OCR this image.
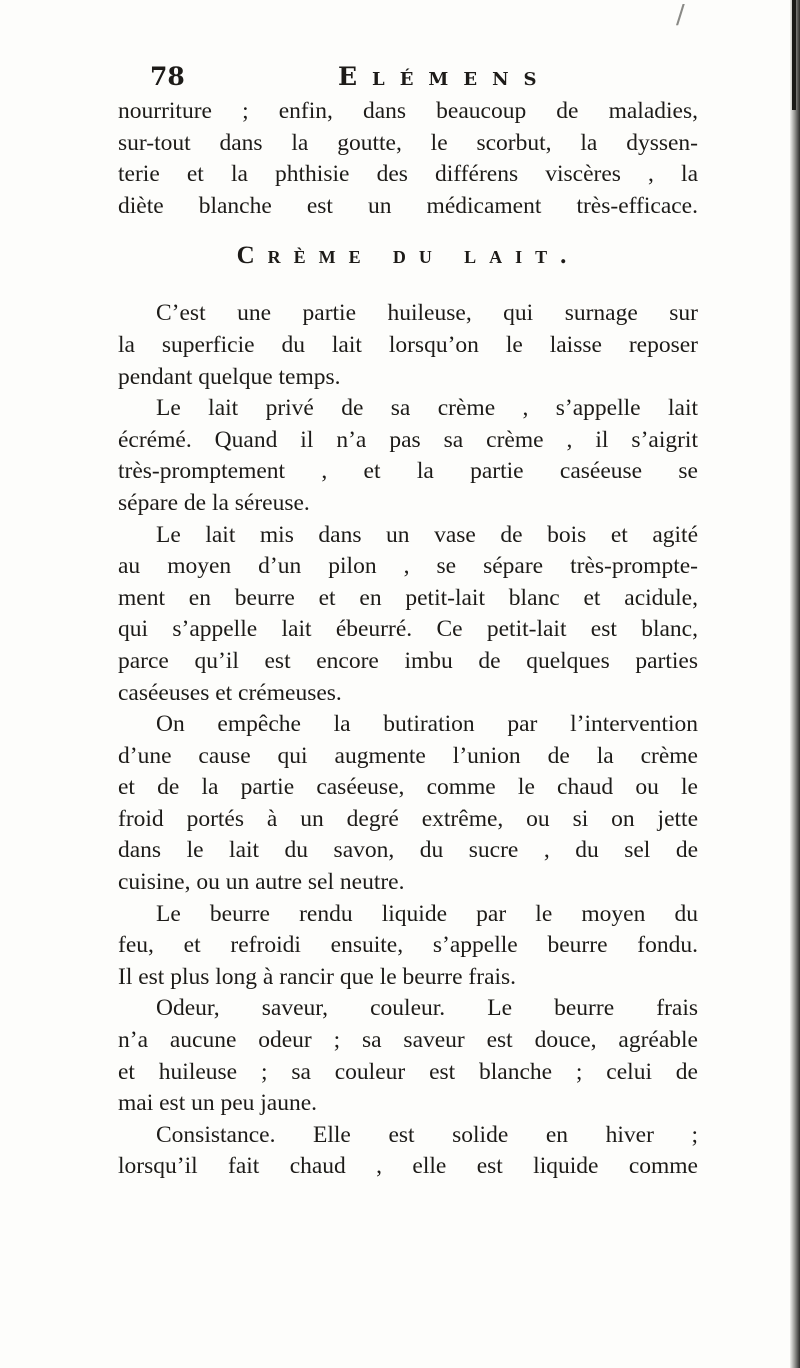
/
78	Elémens
nourriture ; enfin, dans beaucoup de maladies,
sur-tout dans la goutte, le scorbut, la dyssen-
terie et la phthisie des différens viscères , la
diète blanche est un médicament très-efficace.
Crème du lait.
C’est une partie huileuse, qui surnage sur
la superficie du lait lorsqu’on le laisse reposer
pendant quelque temps.
Le lait privé de sa crème , s’appelle lait
écrémé. Quand il n’a pas sa crème , il s’aigrit
très-promptement , et la partie caséeuse se
sépare de la séreuse.
Le lait mis dans un vase de bois et agité
au moyen d’un pilon , se sépare très-prompte-
ment en beurre et en petit-lait blanc et acidule,
qui s’appelle lait ébeurré. Ce petit-lait est blanc,
parce qu’il est encore imbu de quelques parties
caséeuses et crémeuses.
On empêche la butiration par l’intervention
d’une cause qui augmente l’union de la crème
et de la partie caséeuse, comme le chaud ou le
froid portés à un degré extrême, ou si on jette
dans le lait du savon, du sucre , du sel de
cuisine, ou un autre sel neutre.
Le beurre rendu liquide par le moyen du
feu, et refroidi ensuite, s’appelle beurre fondu.
Il est plus long à rancir que le beurre frais.
Odeur, saveur, couleur. Le beurre frais
n’a aucune odeur ; sa saveur est douce, agréable
et huileuse ; sa couleur est blanche ; celui de
mai est un peu jaune.
Consistance. Elle est solide en hiver ;
lorsqu’il fait chaud , elle est liquide comme
